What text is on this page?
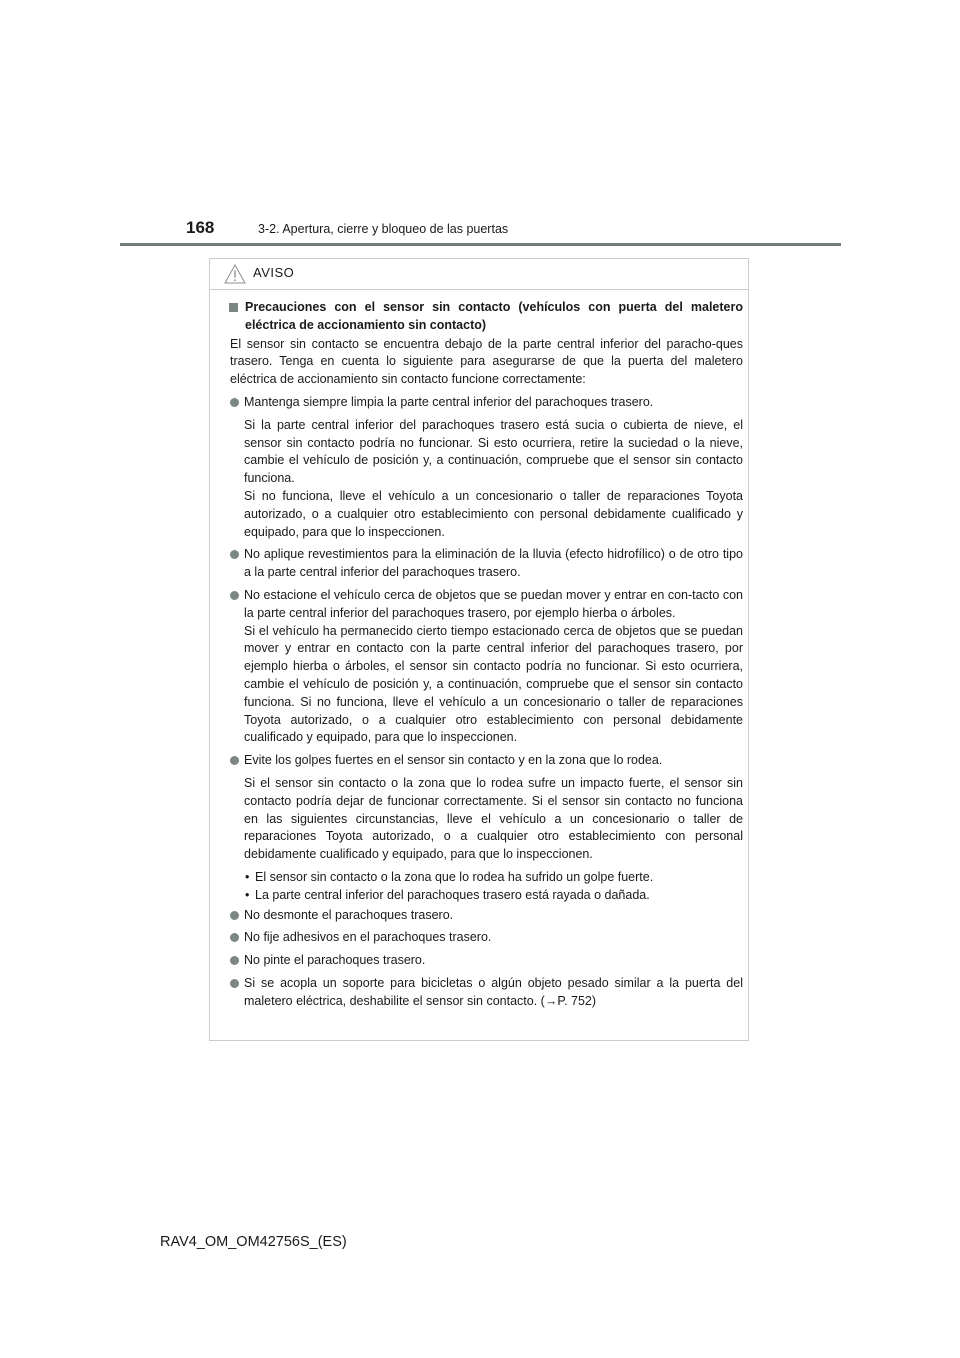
168	3-2. Apertura, cierre y bloqueo de las puertas
AVISO

Precauciones con el sensor sin contacto (vehículos con puerta del maletero eléctrica de accionamiento sin contacto)

El sensor sin contacto se encuentra debajo de la parte central inferior del paracho-ques trasero. Tenga en cuenta lo siguiente para asegurarse de que la puerta del maletero eléctrica de accionamiento sin contacto funcione correctamente:

Mantenga siempre limpia la parte central inferior del parachoques trasero.

Si la parte central inferior del parachoques trasero está sucia o cubierta de nieve, el sensor sin contacto podría no funcionar. Si esto ocurriera, retire la suciedad o la nieve, cambie el vehículo de posición y, a continuación, compruebe que el sensor sin contacto funciona.

Si no funciona, lleve el vehículo a un concesionario o taller de reparaciones Toyota autorizado, o a cualquier otro establecimiento con personal debidamente cualificado y equipado, para que lo inspeccionen.

No aplique revestimientos para la eliminación de la lluvia (efecto hidrofílico) o de otro tipo a la parte central inferior del parachoques trasero.

No estacione el vehículo cerca de objetos que se puedan mover y entrar en con-tacto con la parte central inferior del parachoques trasero, por ejemplo hierba o árboles.

Si el vehículo ha permanecido cierto tiempo estacionado cerca de objetos que se puedan mover y entrar en contacto con la parte central inferior del parachoques trasero, por ejemplo hierba o árboles, el sensor sin contacto podría no funcionar. Si esto ocurriera, cambie el vehículo de posición y, a continuación, compruebe que el sensor sin contacto funciona. Si no funciona, lleve el vehículo a un concesionario o taller de reparaciones Toyota autorizado, o a cualquier otro establecimiento con personal debidamente cualificado y equipado, para que lo inspeccionen.

Evite los golpes fuertes en el sensor sin contacto y en la zona que lo rodea.

Si el sensor sin contacto o la zona que lo rodea sufre un impacto fuerte, el sensor sin contacto podría dejar de funcionar correctamente. Si el sensor sin contacto no funciona en las siguientes circunstancias, lleve el vehículo a un concesionario o taller de reparaciones Toyota autorizado, o a cualquier otro establecimiento con personal debidamente cualificado y equipado, para que lo inspeccionen.

• El sensor sin contacto o la zona que lo rodea ha sufrido un golpe fuerte.

• La parte central inferior del parachoques trasero está rayada o dañada.

No desmonte el parachoques trasero.

No fije adhesivos en el parachoques trasero.

No pinte el parachoques trasero.

Si se acopla un soporte para bicicletas o algún objeto pesado similar a la puerta del maletero eléctrica, deshabilite el sensor sin contacto. (→P. 752)

RAV4_OM_OM42756S_(ES)
